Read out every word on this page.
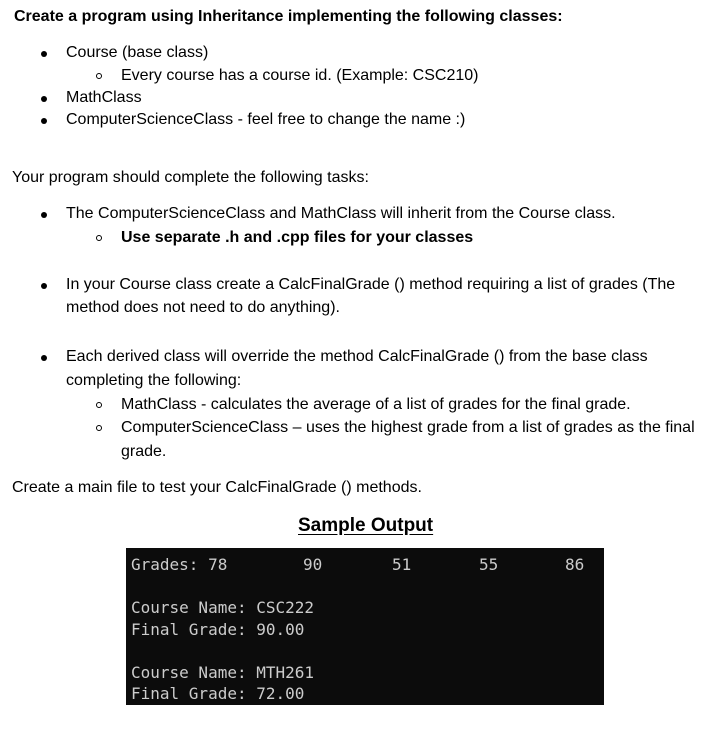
Create a program using Inheritance implementing the following classes:
Course (base class)
Every course has a course id. (Example: CSC210)
MathClass
ComputerScienceClass - feel free to change the name :)
Your program should complete the following tasks:
The ComputerScienceClass and MathClass will inherit from the Course class.
Use separate .h and .cpp files for your classes
In your Course class create a CalcFinalGrade () method requiring a list of grades (The
method does not need to do anything).
Each derived class will override the method CalcFinalGrade () from the base class
completing the following:
MathClass - calculates the average of a list of grades for the final grade.
ComputerScienceClass – uses the highest grade from a list of grades as the final
grade.
Create a main file to test your CalcFinalGrade () methods.
Sample Output
Grades: 78	90	51	55	86
Course Name: CSC222
Final Grade: 90.00
Course Name: MTH261
Final Grade: 72.00
